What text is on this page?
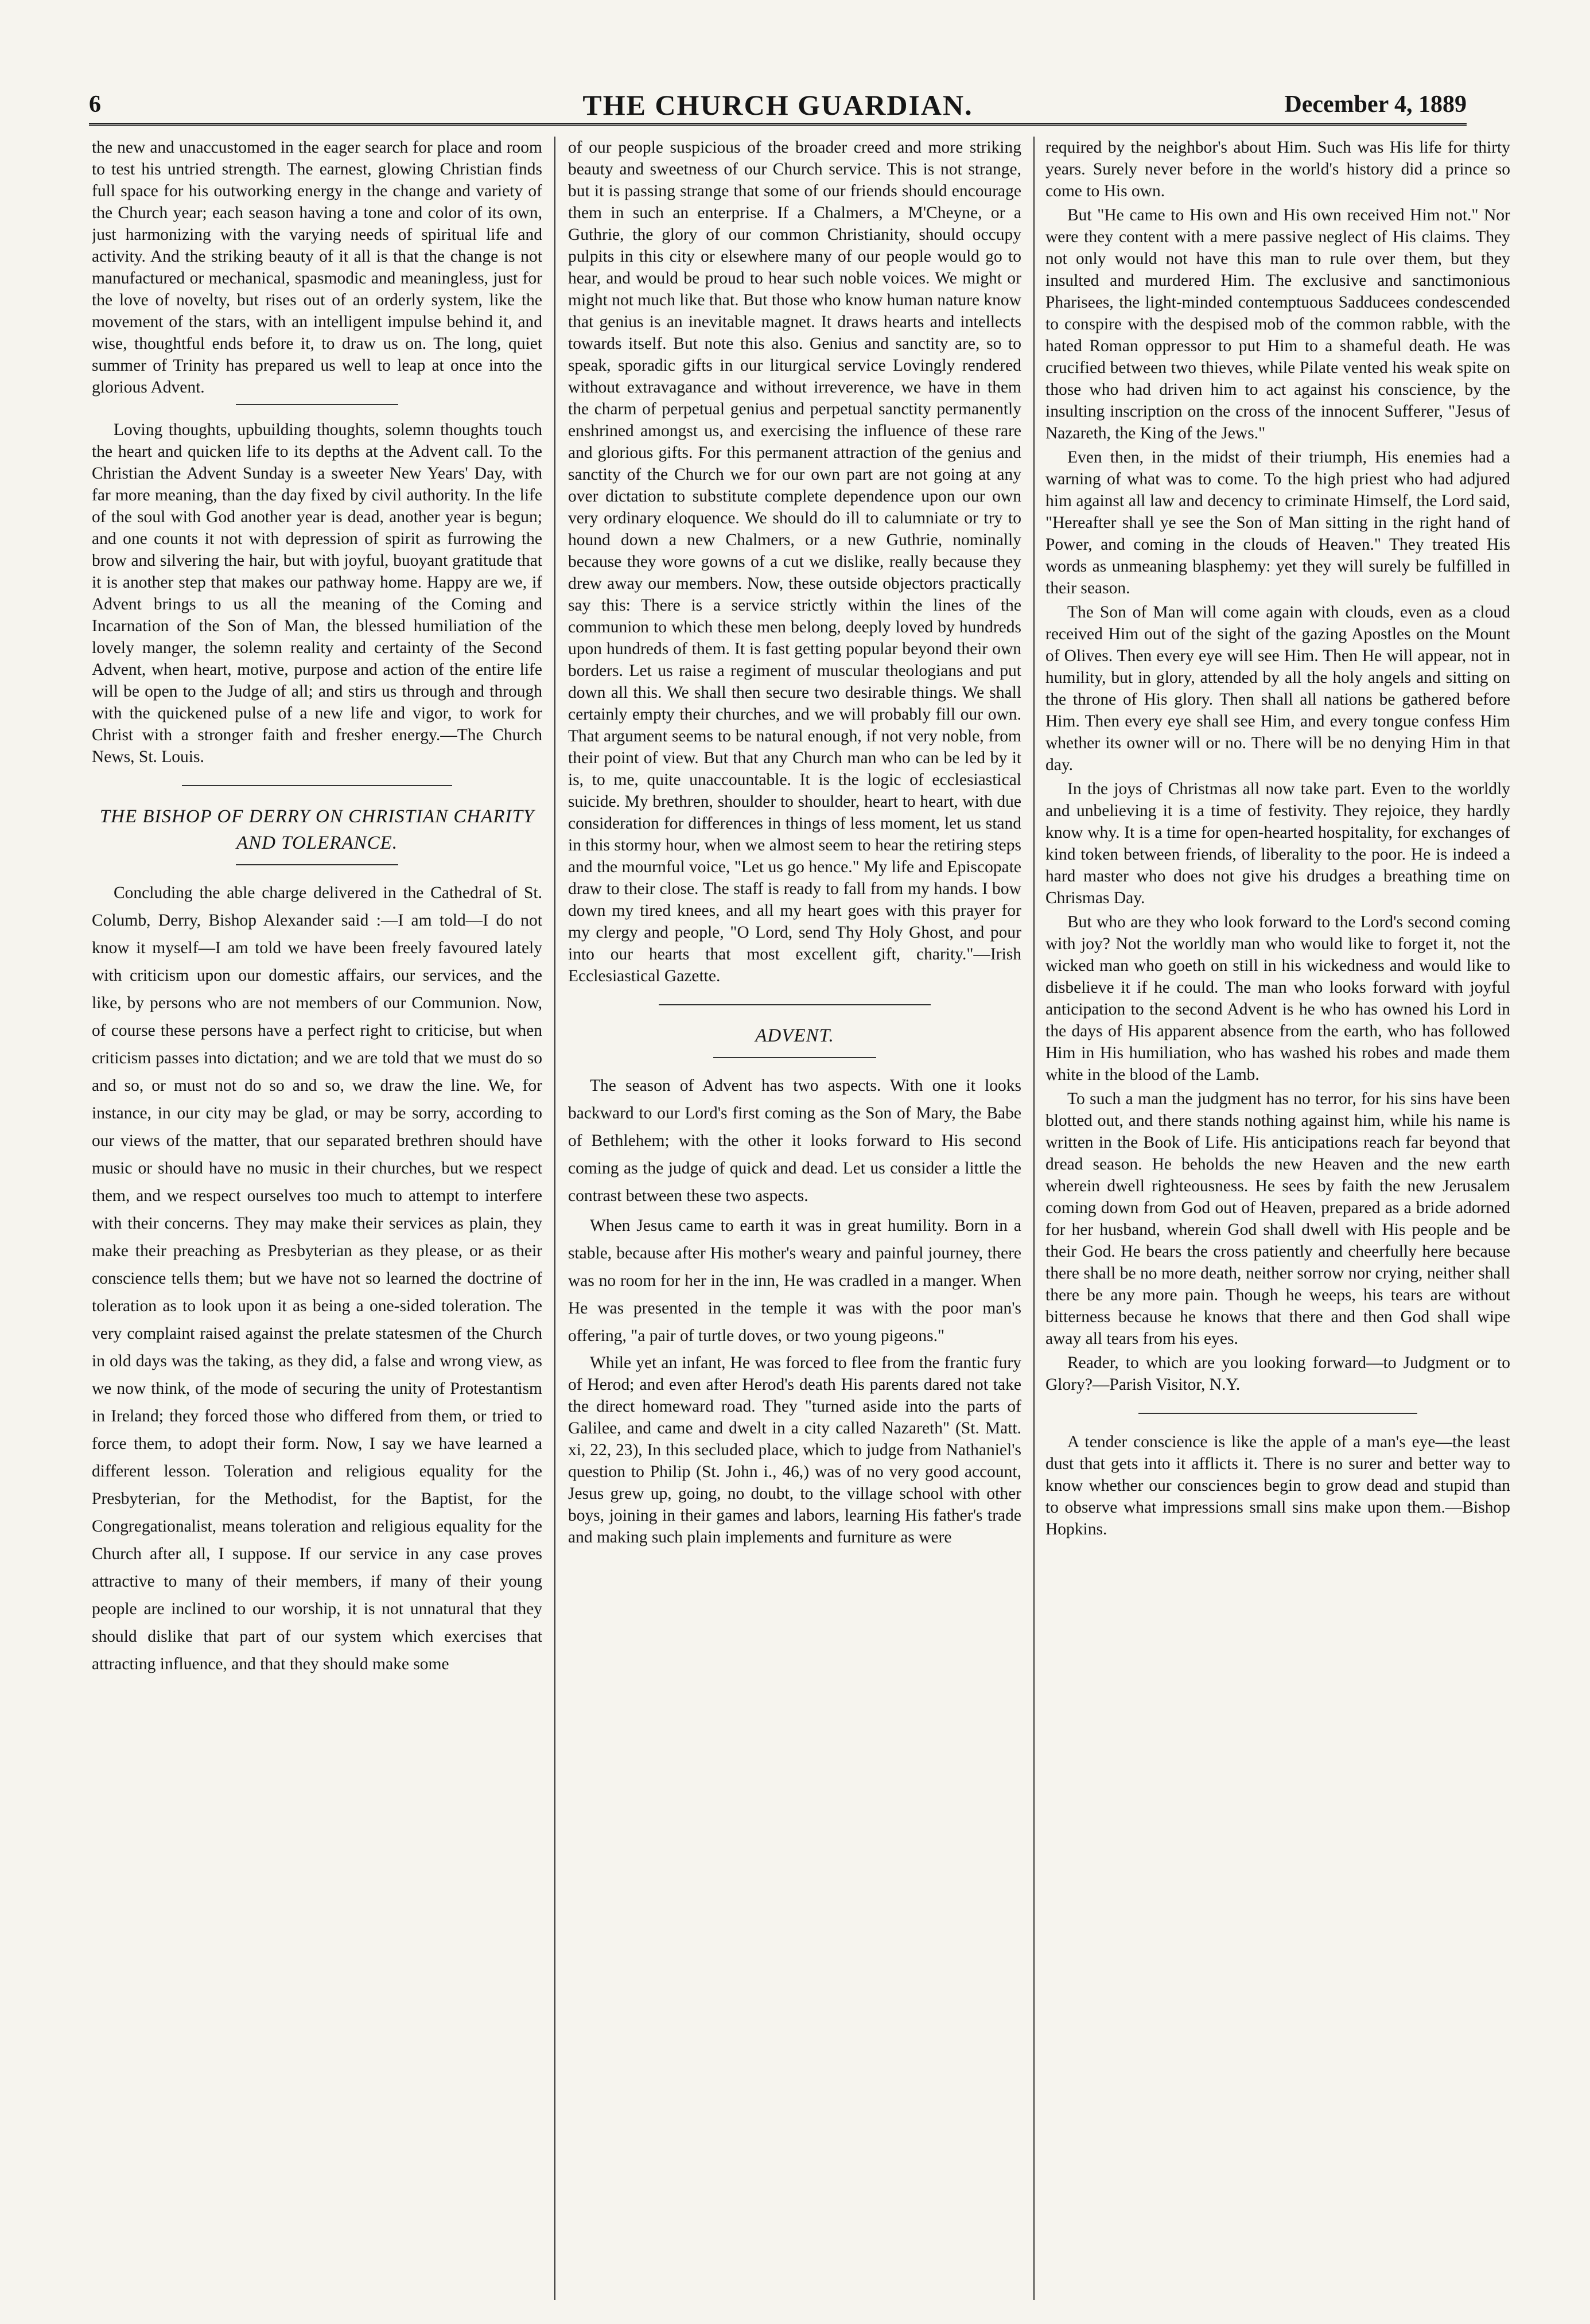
6	THE CHURCH GUARDIAN.	December 4, 1889

the new and unaccustomed in the eager search for place and room to test his untried strength. The earnest, glowing Christian finds full space for his outworking energy in the change and variety of the Church year; each season having a tone and color of its own, just harmonizing with the varying needs of spiritual life and activity. And the striking beauty of it all is that the change is not manufactured or mechanical, spasmodic and meaningless, just for the love of novelty, but rises out of an orderly system, like the movement of the stars, with an intelligent impulse behind it, and wise, thoughtful ends before it, to draw us on. The long, quiet summer of Trinity has prepared us well to leap at once into the glorious Advent.

Loving thoughts, upbuilding thoughts, solemn thoughts touch the heart and quicken life to its depths at the Advent call. To the Christian the Advent Sunday is a sweeter New Years' Day, with far more meaning, than the day fixed by civil authority. In the life of the soul with God another year is dead, another year is begun; and one counts it not with depression of spirit as furrowing the brow and silvering the hair, but with joyful, buoyant gratitude that it is another step that makes our pathway home. Happy are we, if Advent brings to us all the meaning of the Coming and Incarnation of the Son of Man, the blessed humiliation of the lovely manger, the solemn reality and certainty of the Second Advent, when heart, motive, purpose and action of the entire life will be open to the Judge of all; and stirs us through and through with the quickened pulse of a new life and vigor, to work for Christ with a stronger faith and fresher energy.—The Church News, St. Louis.

THE BISHOP OF DERRY ON CHRISTIAN CHARITY AND TOLERANCE.

Concluding the able charge delivered in the Cathedral of St. Columb, Derry, Bishop Alexander said :—I am told—I do not know it myself—I am told we have been freely favoured lately with criticism upon our domestic affairs, our services, and the like, by persons who are not members of our Communion. Now, of course these persons have a perfect right to criticise, but when criticism passes into dictation; and we are told that we must do so and so, or must not do so and so, we draw the line. We, for instance, in our city may be glad, or may be sorry, according to our views of the matter, that our separated brethren should have music or should have no music in their churches, but we respect them, and we respect ourselves too much to attempt to interfere with their concerns. They may make their services as plain, they make their preaching as Presbyterian as they please, or as their conscience tells them; but we have not so learned the doctrine of toleration as to look upon it as being a one-sided toleration. The very complaint raised against the prelate statesmen of the Church in old days was the taking, as they did, a false and wrong view, as we now think, of the mode of securing the unity of Protestantism in Ireland; they forced those who differed from them, or tried to force them, to adopt their form. Now, I say we have learned a different lesson. Toleration and religious equality for the Presbyterian, for the Methodist, for the Baptist, for the Congregationalist, means toleration and religious equality for the Church after all, I suppose. If our service in any case proves attractive to many of their members, if many of their young people are inclined to our worship, it is not unnatural that they should dislike that part of our system which exercises that attracting influence, and that they should make some

of our people suspicious of the broader creed and more striking beauty and sweetness of our Church service. This is not strange, but it is passing strange that some of our friends should encourage them in such an enterprise. If a Chalmers, a M'Cheyne, or a Guthrie, the glory of our common Christianity, should occupy pulpits in this city or elsewhere many of our people would go to hear, and would be proud to hear such noble voices. We might or might not much like that. But those who know human nature know that genius is an inevitable magnet. It draws hearts and intellects towards itself. But note this also. Genius and sanctity are, so to speak, sporadic gifts in our liturgical service Lovingly rendered without extravagance and without irreverence, we have in them the charm of perpetual genius and perpetual sanctity permanently enshrined amongst us, and exercising the influence of these rare and glorious gifts. For this permanent attraction of the genius and sanctity of the Church we for our own part are not going at any over dictation to substitute complete dependence upon our own very ordinary eloquence. We should do ill to calumniate or try to hound down a new Chalmers, or a new Guthrie, nominally because they wore gowns of a cut we dislike, really because they drew away our members. Now, these outside objectors practically say this: There is a service strictly within the lines of the communion to which these men belong, deeply loved by hundreds upon hundreds of them. It is fast getting popular beyond their own borders. Let us raise a regiment of muscular theologians and put down all this. We shall then secure two desirable things. We shall certainly empty their churches, and we will probably fill our own. That argument seems to be natural enough, if not very noble, from their point of view. But that any Church man who can be led by it is, to me, quite unaccountable. It is the logic of ecclesiastical suicide. My brethren, shoulder to shoulder, heart to heart, with due consideration for differences in things of less moment, let us stand in this stormy hour, when we almost seem to hear the retiring steps and the mournful voice, "Let us go hence." My life and Episcopate draw to their close. The staff is ready to fall from my hands. I bow down my tired knees, and all my heart goes with this prayer for my clergy and people, "O Lord, send Thy Holy Ghost, and pour into our hearts that most excellent gift, charity."—Irish Ecclesiastical Gazette.

ADVENT.

The season of Advent has two aspects. With one it looks backward to our Lord's first coming as the Son of Mary, the Babe of Bethlehem; with the other it looks forward to His second coming as the judge of quick and dead. Let us consider a little the contrast between these two aspects.

When Jesus came to earth it was in great humility. Born in a stable, because after His mother's weary and painful journey, there was no room for her in the inn, He was cradled in a manger. When He was presented in the temple it was with the poor man's offering, "a pair of turtle doves, or two young pigeons."

While yet an infant, He was forced to flee from the frantic fury of Herod; and even after Herod's death His parents dared not take the direct homeward road. They "turned aside into the parts of Galilee, and came and dwelt in a city called Nazareth" (St. Matt. xi, 22, 23), In this secluded place, which to judge from Nathaniel's question to Philip (St. John i., 46,) was of no very good account, Jesus grew up, going, no doubt, to the village school with other boys, joining in their games and labors, learning His father's trade and making such plain implements and furniture as were

required by the neighbor's about Him. Such was His life for thirty years. Surely never before in the world's history did a prince so come to His own.

But "He came to His own and His own received Him not." Nor were they content with a mere passive neglect of His claims. They not only would not have this man to rule over them, but they insulted and murdered Him. The exclusive and sanctimonious Pharisees, the light-minded contemptuous Sadducees condescended to conspire with the despised mob of the common rabble, with the hated Roman oppressor to put Him to a shameful death. He was crucified between two thieves, while Pilate vented his weak spite on those who had driven him to act against his conscience, by the insulting inscription on the cross of the innocent Sufferer, "Jesus of Nazareth, the King of the Jews."

Even then, in the midst of their triumph, His enemies had a warning of what was to come. To the high priest who had adjured him against all law and decency to criminate Himself, the Lord said, "Hereafter shall ye see the Son of Man sitting in the right hand of Power, and coming in the clouds of Heaven." They treated His words as unmeaning blasphemy: yet they will surely be fulfilled in their season.

The Son of Man will come again with clouds, even as a cloud received Him out of the sight of the gazing Apostles on the Mount of Olives. Then every eye will see Him. Then He will appear, not in humility, but in glory, attended by all the holy angels and sitting on the throne of His glory. Then shall all nations be gathered before Him. Then every eye shall see Him, and every tongue confess Him whether its owner will or no. There will be no denying Him in that day.

In the joys of Christmas all now take part. Even to the worldly and unbelieving it is a time of festivity. They rejoice, they hardly know why. It is a time for open-hearted hospitality, for exchanges of kind token between friends, of liberality to the poor. He is indeed a hard master who does not give his drudges a breathing time on Chrismas Day.

But who are they who look forward to the Lord's second coming with joy? Not the worldly man who would like to forget it, not the wicked man who goeth on still in his wickedness and would like to disbelieve it if he could. The man who looks forward with joyful anticipation to the second Advent is he who has owned his Lord in the days of His apparent absence from the earth, who has followed Him in His humiliation, who has washed his robes and made them white in the blood of the Lamb.

To such a man the judgment has no terror, for his sins have been blotted out, and there stands nothing against him, while his name is written in the Book of Life. His anticipations reach far beyond that dread season. He beholds the new Heaven and the new earth wherein dwell righteousness. He sees by faith the new Jerusalem coming down from God out of Heaven, prepared as a bride adorned for her husband, wherein God shall dwell with His people and be their God. He bears the cross patiently and cheerfully here because there shall be no more death, neither sorrow nor crying, neither shall there be any more pain. Though he weeps, his tears are without bitterness because he knows that there and then God shall wipe away all tears from his eyes.

Reader, to which are you looking forward—to Judgment or to Glory?—Parish Visitor, N.Y.

A tender conscience is like the apple of a man's eye—the least dust that gets into it afflicts it. There is no surer and better way to know whether our consciences begin to grow dead and stupid than to observe what impressions small sins make upon them.—Bishop Hopkins.
